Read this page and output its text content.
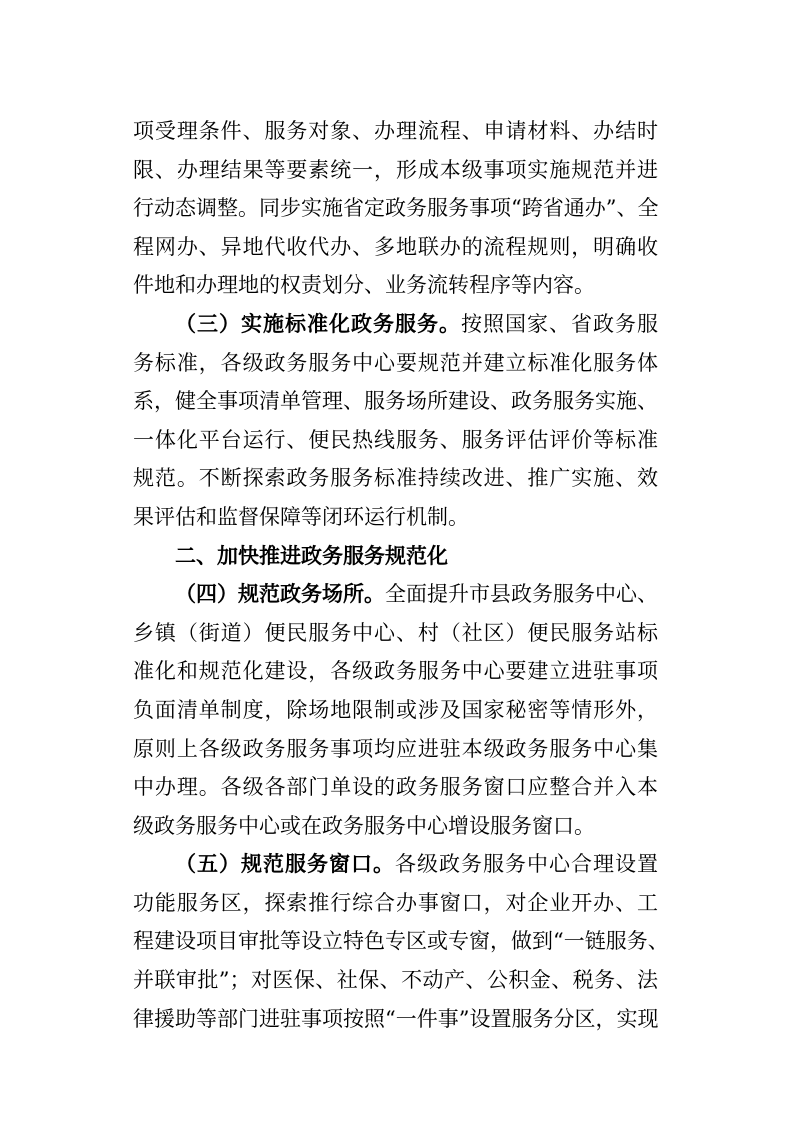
项受理条件、服务对象、办理流程、申请材料、办结时
限、办理结果等要素统一，形成本级事项实施规范并进
行动态调整。同步实施省定政务服务事项“跨省通办”、全
程网办、异地代收代办、多地联办的流程规则，明确收
件地和办理地的权责划分、业务流转程序等内容。
（三）实施标准化政务服务。按照国家、省政务服
务标准，各级政务服务中心要规范并建立标准化服务体
系，健全事项清单管理、服务场所建设、政务服务实施、
一体化平台运行、便民热线服务、服务评估评价等标准
规范。不断探索政务服务标准持续改进、推广实施、效
果评估和监督保障等闭环运行机制。
二、加快推进政务服务规范化
（四）规范政务场所。全面提升市县政务服务中心、
乡镇（街道）便民服务中心、村（社区）便民服务站标
准化和规范化建设，各级政务服务中心要建立进驻事项
负面清单制度，除场地限制或涉及国家秘密等情形外，
原则上各级政务服务事项均应进驻本级政务服务中心集
中办理。各级各部门单设的政务服务窗口应整合并入本
级政务服务中心或在政务服务中心增设服务窗口。
（五）规范服务窗口。各级政务服务中心合理设置
功能服务区，探索推行综合办事窗口，对企业开办、工
程建设项目审批等设立特色专区或专窗，做到“一链服务、
并联审批”；对医保、社保、不动产、公积金、税务、法
律援助等部门进驻事项按照“一件事”设置服务分区，实现
